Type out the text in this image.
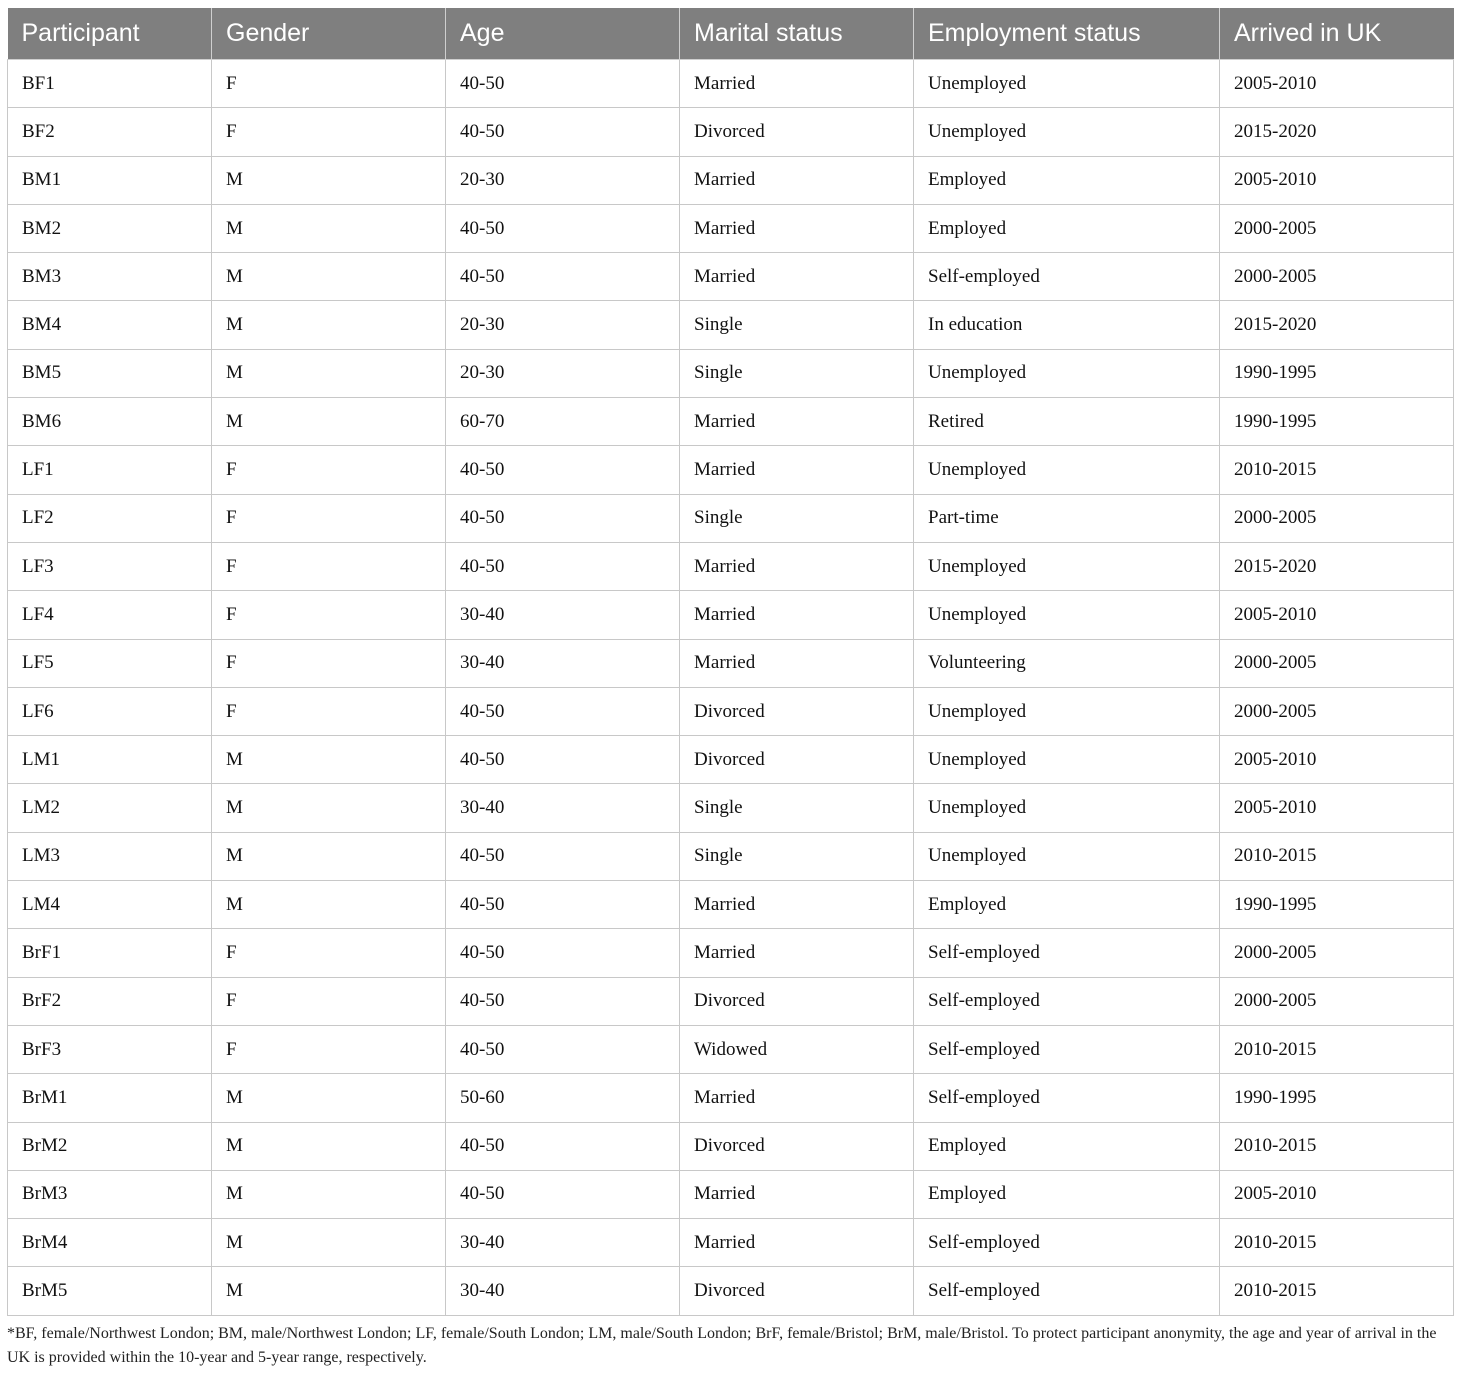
Participant	Gender	Age	Marital status	Employment status	Arrived in UK
BF1	F	40-50	Married	Unemployed	2005-2010
BF2	F	40-50	Divorced	Unemployed	2015-2020
BM1	M	20-30	Married	Employed	2005-2010
BM2	M	40-50	Married	Employed	2000-2005
BM3	M	40-50	Married	Self-employed	2000-2005
BM4	M	20-30	Single	In education	2015-2020
BM5	M	20-30	Single	Unemployed	1990-1995
BM6	M	60-70	Married	Retired	1990-1995
LF1	F	40-50	Married	Unemployed	2010-2015
LF2	F	40-50	Single	Part-time	2000-2005
LF3	F	40-50	Married	Unemployed	2015-2020
LF4	F	30-40	Married	Unemployed	2005-2010
LF5	F	30-40	Married	Volunteering	2000-2005
LF6	F	40-50	Divorced	Unemployed	2000-2005
LM1	M	40-50	Divorced	Unemployed	2005-2010
LM2	M	30-40	Single	Unemployed	2005-2010
LM3	M	40-50	Single	Unemployed	2010-2015
LM4	M	40-50	Married	Employed	1990-1995
BrF1	F	40-50	Married	Self-employed	2000-2005
BrF2	F	40-50	Divorced	Self-employed	2000-2005
BrF3	F	40-50	Widowed	Self-employed	2010-2015
BrM1	M	50-60	Married	Self-employed	1990-1995
BrM2	M	40-50	Divorced	Employed	2010-2015
BrM3	M	40-50	Married	Employed	2005-2010
BrM4	M	30-40	Married	Self-employed	2010-2015
BrM5	M	30-40	Divorced	Self-employed	2010-2015
*BF, female/Northwest London; BM, male/Northwest London; LF, female/South London; LM, male/South London; BrF, female/Bristol; BrM, male/Bristol. To protect participant anonymity, the age and year of arrival in the UK is provided within the 10-year and 5-year range, respectively.
